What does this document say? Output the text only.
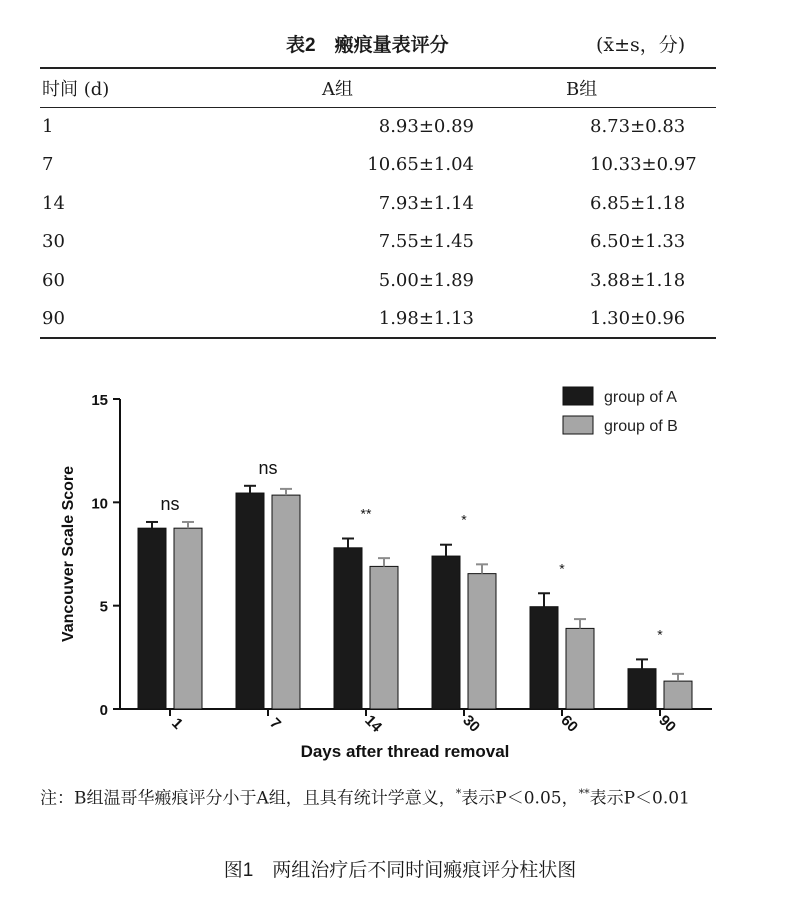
表2　瘢痕量表评分	(x̄±s，分)
时间 (d)	A组	B组
1	8.93±0.89	8.73±0.83
7	10.65±1.04	10.33±0.97
14	7.93±1.14	6.85±1.18
30	7.55±1.45	6.50±1.33
60	5.00±1.89	3.88±1.18
90	1.98±1.13	1.30±0.96
0
5
10
15
Vancouver Scale Score
Days after thread removal
1
ns
7
ns
14
**
30
*
60
*
90
*
group of A
group of B
注：B组温哥华瘢痕评分小于A组，且具有统计学意义，*表示P＜0.05，**表示P＜0.01
图1　两组治疗后不同时间瘢痕评分柱状图
